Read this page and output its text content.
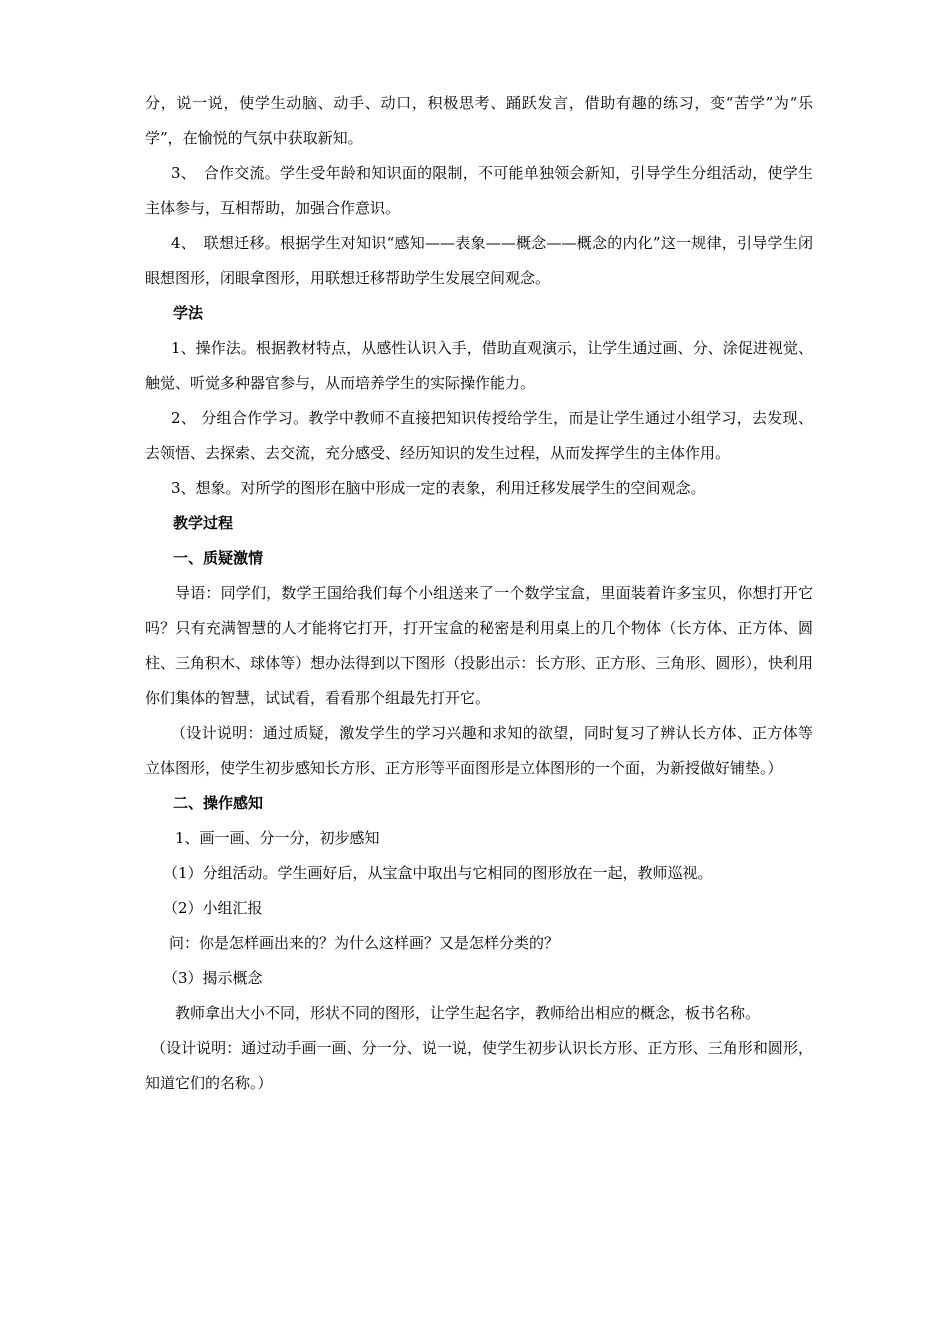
分，说一说，使学生动脑、动手、动口，积极思考、踊跃发言，借助有趣的练习，变“苦学”为“乐学”，在愉悦的气氛中获取新知。

3、　合作交流。学生受年龄和知识面的限制，不可能单独领会新知，引导学生分组活动，使学生主体参与，互相帮助，加强合作意识。

4、　联想迁移。根据学生对知识“感知——表象——概念——概念的内化”这一规律，引导学生闭眼想图形，闭眼拿图形，用联想迁移帮助学生发展空间观念。

学法

1、操作法。根据教材特点，从感性认识入手，借助直观演示，让学生通过画、分、涂促进视觉、触觉、听觉多种器官参与，从而培养学生的实际操作能力。

2、 分组合作学习。教学中教师不直接把知识传授给学生，而是让学生通过小组学习，去发现、去领悟、去探索、去交流，充分感受、经历知识的发生过程，从而发挥学生的主体作用。

3、想象。对所学的图形在脑中形成一定的表象，利用迁移发展学生的空间观念。

教学过程

一、质疑激情

导语：同学们，数学王国给我们每个小组送来了一个数学宝盒，里面装着许多宝贝，你想打开它吗？只有充满智慧的人才能将它打开，打开宝盒的秘密是利用桌上的几个物体（长方体、正方体、圆柱、三角积木、球体等）想办法得到以下图形（投影出示：长方形、正方形、三角形、圆形），快利用你们集体的智慧，试试看，看看那个组最先打开它。

（设计说明：通过质疑，激发学生的学习兴趣和求知的欲望，同时复习了辨认长方体、正方体等立体图形，使学生初步感知长方形、正方形等平面图形是立体图形的一个面，为新授做好铺垫。）

二、操作感知

1、画一画、分一分，初步感知

（1）分组活动。学生画好后，从宝盒中取出与它相同的图形放在一起，教师巡视。

（2）小组汇报

问：你是怎样画出来的？为什么这样画？又是怎样分类的？

（3）揭示概念

教师拿出大小不同，形状不同的图形，让学生起名字，教师给出相应的概念，板书名称。

（设计说明：通过动手画一画、分一分、说一说，使学生初步认识长方形、正方形、三角形和圆形，知道它们的名称。）
